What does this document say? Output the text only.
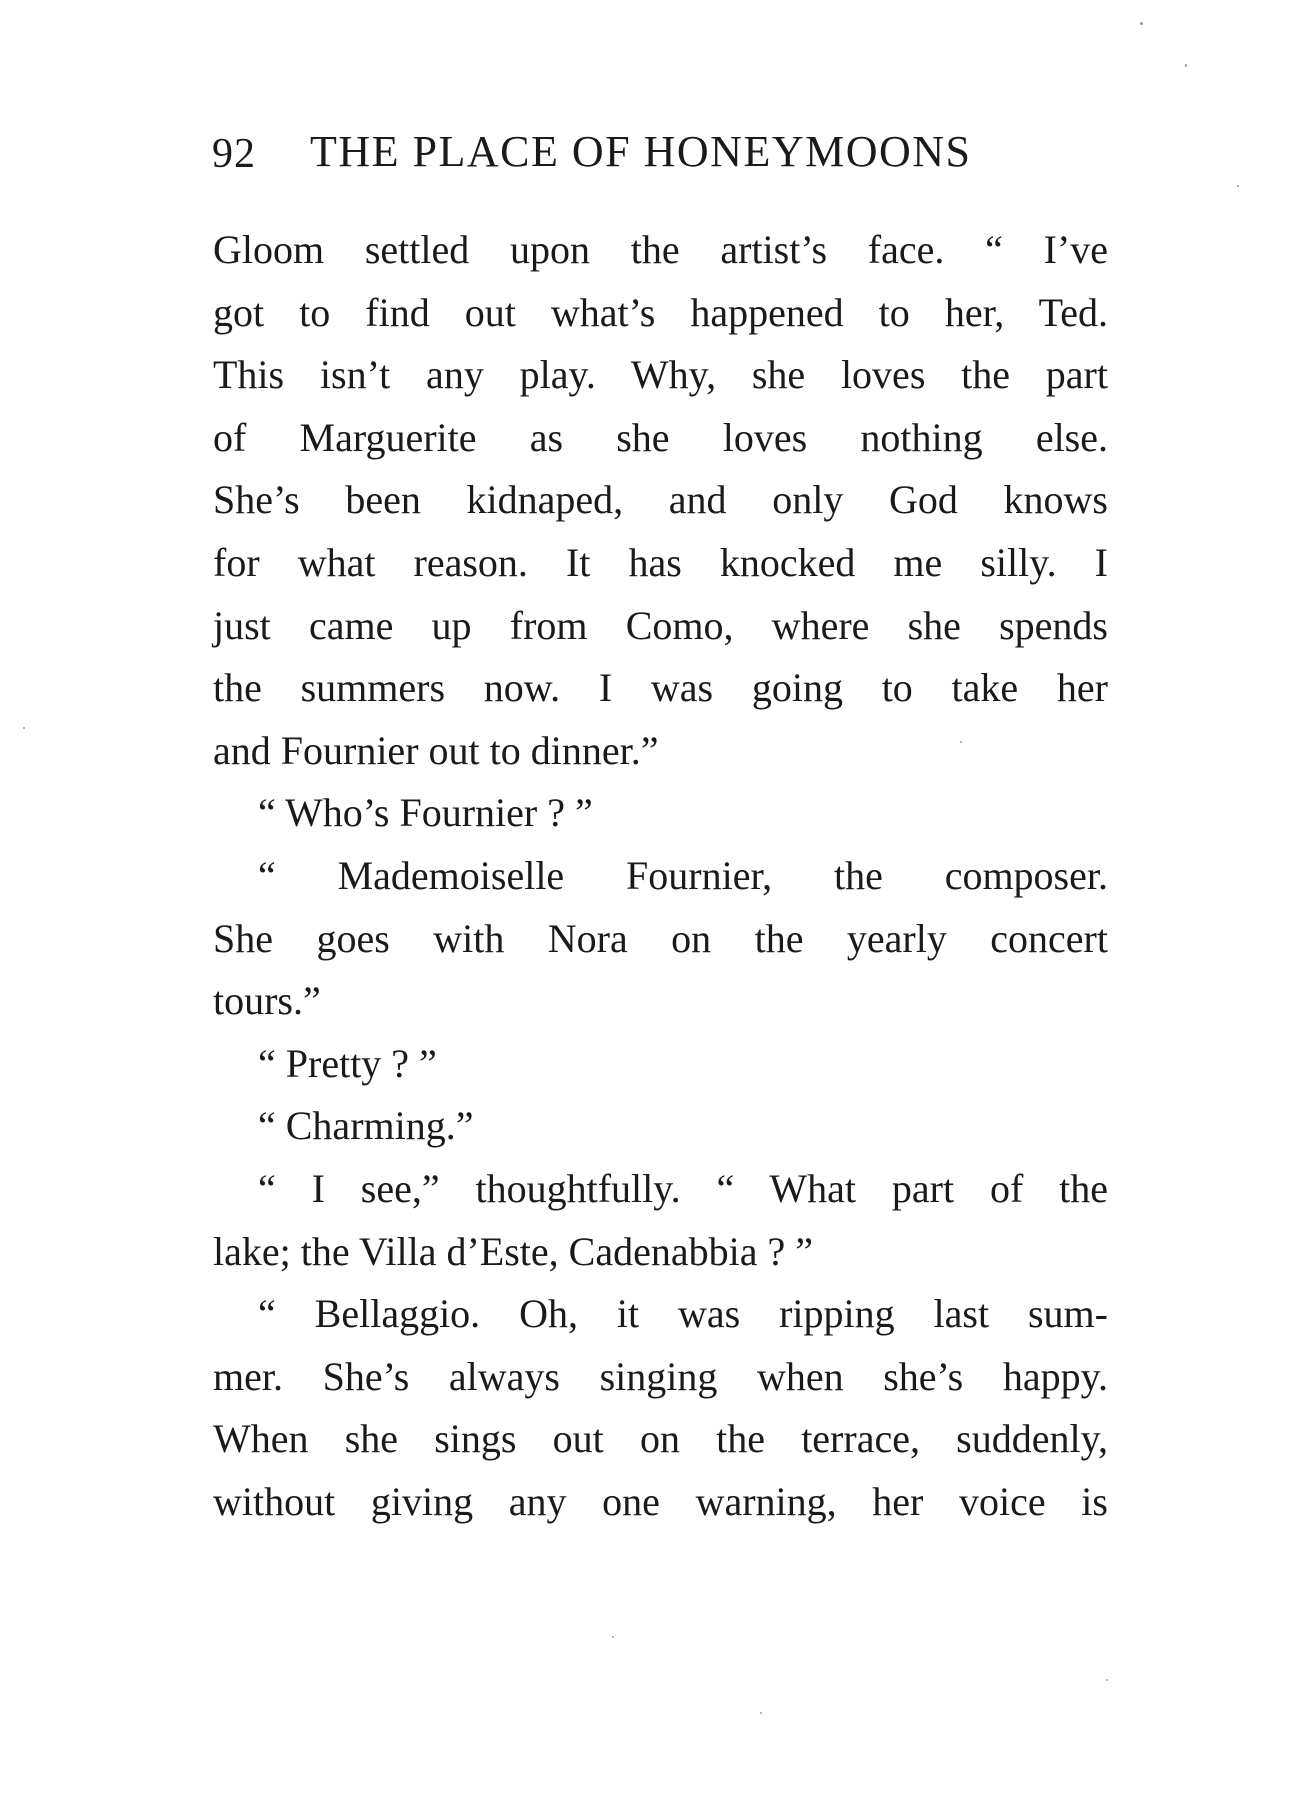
92 THE PLACE OF HONEYMOONS
Gloom settled upon the artist’s face. “ I’ve
got to find out what’s happened to her, Ted.
This isn’t any play. Why, she loves the part
of Marguerite as she loves nothing else.
She’s been kidnaped, and only God knows
for what reason. It has knocked me silly. I
just came up from Como, where she spends
the summers now. I was going to take her
and Fournier out to dinner.”
“ Who’s Fournier ? ”
“ Mademoiselle Fournier, the composer.
She goes with Nora on the yearly concert
tours.”
“ Pretty ? ”
“ Charming.”
“ I see,” thoughtfully. “ What part of the
lake; the Villa d’Este, Cadenabbia ? ”
“ Bellaggio. Oh, it was ripping last sum-
mer. She’s always singing when she’s happy.
When she sings out on the terrace, suddenly,
without giving any one warning, her voice is
